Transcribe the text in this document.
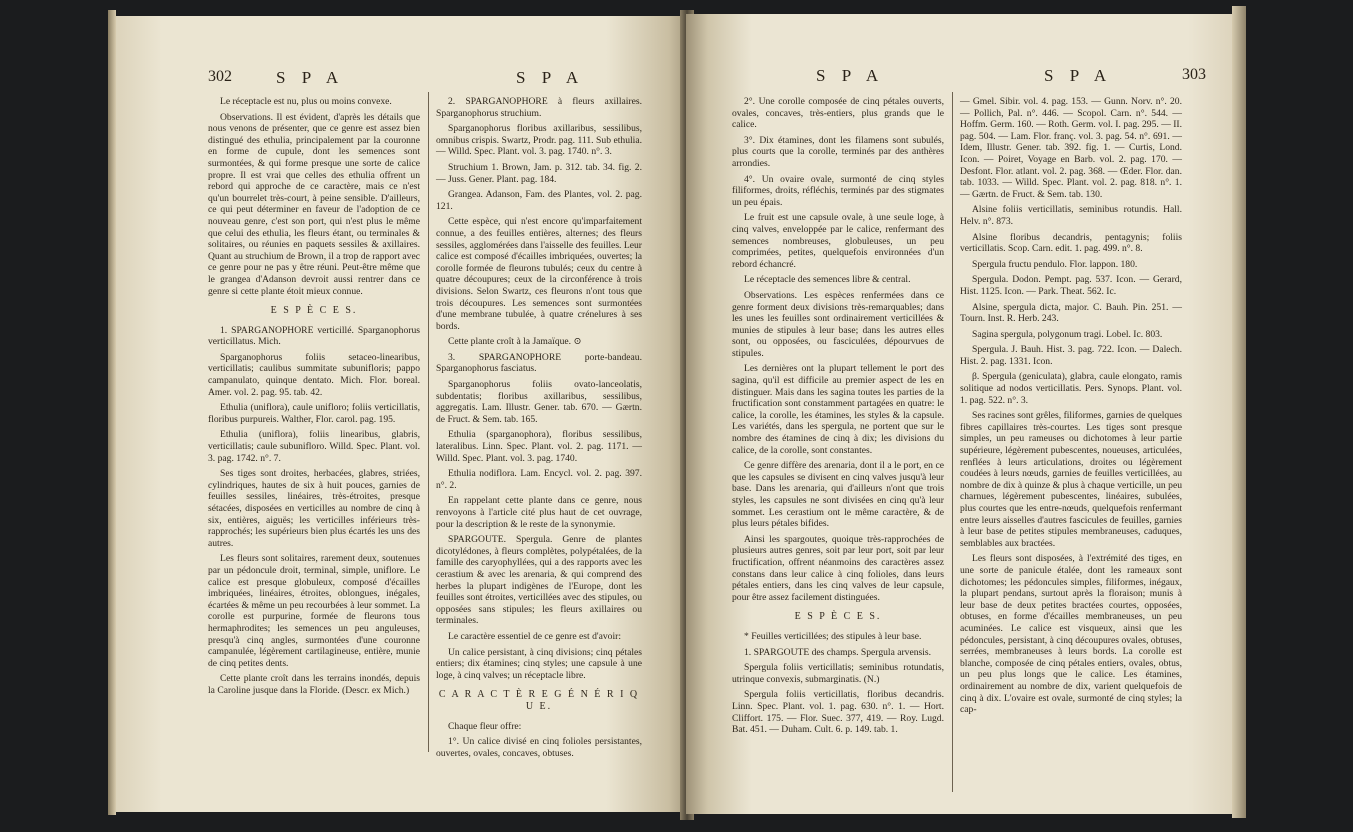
302	S P A	S P A

Le réceptacle est nu, plus ou moins convexe.

Observations. Il est évident, d'après les détails que nous venons de présenter, que ce genre est assez bien distingué des ethulia, principalement par la couronne en forme de cupule, dont les semences sont surmontées, & qui forme presque une sorte de calice propre. Il est vrai que celles des ethulia offrent un rebord qui approche de ce caractère, mais ce n'est qu'un bourrelet très-court, à peine sensible. D'ailleurs, ce qui peut déterminer en faveur de l'adoption de ce nouveau genre, c'est son port, qui n'est plus le même que celui des ethulia, les fleurs étant, ou terminales & solitaires, ou réunies en paquets sessiles & axillaires. Quant au struchium de Brown, il a trop de rapport avec ce genre pour ne pas y être réuni. Peut-être même que le grangea d'Adanson devroit aussi rentrer dans ce genre si cette plante étoit mieux connue.

E S P È C E S.

1. SPARGANOPHORE verticillé. Sparganophorus verticillatus. Mich.

Sparganophorus foliis setaceo-linearibus, verticillatis; caulibus summitate subunifloris; pappo campanulato, quinque dentato. Mich. Flor. boreal. Amer. vol. 2. pag. 95. tab. 42.

Ethulia (uniflora), caule unifloro; foliis verticillatis, floribus purpureis. Walther, Flor. carol. pag. 195.

Ethulia (uniflora), foliis linearibus, glabris, verticillatis; caule subunifloro. Willd. Spec. Plant. vol. 3. pag. 1742. n°. 7.

Ses tiges sont droites, herbacées, glabres, striées, cylindriques, hautes de six à huit pouces, garnies de feuilles sessiles, linéaires, très-étroites, presque sétacées, disposées en verticilles au nombre de cinq à six, entières, aiguës; les verticilles inférieurs très-rapprochés; les supérieurs bien plus écartés les uns des autres.

Les fleurs sont solitaires, rarement deux, soutenues par un pédoncule droit, terminal, simple, uniflore. Le calice est presque globuleux, composé d'écailles imbriquées, linéaires, étroites, oblongues, inégales, écartées & même un peu recourbées à leur sommet. La corolle est purpurine, formée de fleurons tous hermaphrodites; les semences un peu anguleuses, presqu'à cinq angles, surmontées d'une couronne campanulée, légèrement cartilagineuse, entière, munie de cinq petites dents.

Cette plante croît dans les terrains inondés, depuis la Caroline jusque dans la Floride. (Descr. ex Mich.)

2. SPARGANOPHORE à fleurs axillaires. Sparganophorus struchium.

Sparganophorus floribus axillaribus, sessilibus, omnibus crispis. Swartz, Prodr. pag. 111. Sub ethulia. — Willd. Spec. Plant. vol. 3. pag. 1740. n°. 3.

Struchium 1. Brown, Jam. p. 312. tab. 34. fig. 2. — Juss. Gener. Plant. pag. 184.

Grangea. Adanson, Fam. des Plantes, vol. 2. pag. 121.

Cette espèce, qui n'est encore qu'imparfaitement connue, a des feuilles entières, alternes; des fleurs sessiles, agglomérées dans l'aisselle des feuilles. Leur calice est composé d'écailles imbriquées, ouvertes; la corolle formée de fleurons tubulés; ceux du centre à quatre découpures; ceux de la circonférence à trois divisions. Selon Swartz, ces fleurons n'ont tous que trois découpures. Les semences sont surmontées d'une membrane tubulée, à quatre crénelures à ses bords.

Cette plante croît à la Jamaïque. ⊙

3. SPARGANOPHORE porte-bandeau. Sparganophorus fasciatus.

Sparganophorus foliis ovato-lanceolatis, subdentatis; floribus axillaribus, sessilibus, aggregatis. Lam. Illustr. Gener. tab. 670. — Gærtn. de Fruct. & Sem. tab. 165.

Ethulia (sparganophora), floribus sessilibus, lateralibus. Linn. Spec. Plant. vol. 2. pag. 1171. — Willd. Spec. Plant. vol. 3. pag. 1740.

Ethulia nodiflora. Lam. Encycl. vol. 2. pag. 397. n°. 2.

En rappelant cette plante dans ce genre, nous renvoyons à l'article cité plus haut de cet ouvrage, pour la description & le reste de la synonymie.

SPARGOUTE. Spergula. Genre de plantes dicotylédones, à fleurs complètes, polypétalées, de la famille des caryophyllées, qui a des rapports avec les cerastium & avec les arenaria, & qui comprend des herbes la plupart indigènes de l'Europe, dont les feuilles sont étroites, verticillées avec des stipules, ou opposées sans stipules; les fleurs axillaires ou terminales.

Le caractère essentiel de ce genre est d'avoir:

Un calice persistant, à cinq divisions; cinq pétales entiers; dix étamines; cinq styles; une capsule à une loge, à cinq valves; un réceptacle libre.

C A R A C T È R E G É N É R I Q U E.

Chaque fleur offre:

1°. Un calice divisé en cinq folioles persistantes, ouvertes, ovales, concaves, obtuses.

S P A	S P A	303

2°. Une corolle composée de cinq pétales ouverts, ovales, concaves, très-entiers, plus grands que le calice.

3°. Dix étamines, dont les filamens sont subulés, plus courts que la corolle, terminés par des anthères arrondies.

4°. Un ovaire ovale, surmonté de cinq styles filiformes, droits, réfléchis, terminés par des stigmates un peu épais.

Le fruit est une capsule ovale, à une seule loge, à cinq valves, enveloppée par le calice, renfermant des semences nombreuses, globuleuses, un peu comprimées, petites, quelquefois environnées d'un rebord échancré.

Le réceptacle des semences libre & central.

Observations. Les espèces renfermées dans ce genre forment deux divisions très-remarquables; dans les unes les feuilles sont ordinairement verticillées & munies de stipules à leur base; dans les autres elles sont, ou opposées, ou fasciculées, dépourvues de stipules.

Les dernières ont la plupart tellement le port des sagina, qu'il est difficile au premier aspect de les en distinguer. Mais dans les sagina toutes les parties de la fructification sont constamment partagées en quatre: le calice, la corolle, les étamines, les styles & la capsule. Les variétés, dans les spergula, ne portent que sur le nombre des étamines de cinq à dix; les divisions du calice, de la corolle, sont constantes.

Ce genre diffère des arenaria, dont il a le port, en ce que les capsules se divisent en cinq valves jusqu'à leur base. Dans les arenaria, qui d'ailleurs n'ont que trois styles, les capsules ne sont divisées en cinq qu'à leur sommet. Les cerastium ont le même caractère, & de plus leurs pétales bifides.

Ainsi les spargoutes, quoique très-rapprochées de plusieurs autres genres, soit par leur port, soit par leur fructification, offrent néanmoins des caractères assez constans dans leur calice à cinq folioles, dans leurs pétales entiers, dans les cinq valves de leur capsule, pour être assez facilement distinguées.

E S P È C E S.

* Feuilles verticillées; des stipules à leur base.

1. SPARGOUTE des champs. Spergula arvensis.

Spergula foliis verticillatis; seminibus rotundatis, utrinque convexis, submarginatis. (N.)

Spergula foliis verticillatis, floribus decandris. Linn. Spec. Plant. vol. 1. pag. 630. n°. 1. — Hort. Cliffort. 175. — Flor. Suec. 377, 419. — Roy. Lugd. Bat. 451. — Duham. Cult. 6. p. 149. tab. 1.

— Gmel. Sibir. vol. 4. pag. 153. — Gunn. Norv. n°. 20. — Pollich, Pal. n°. 446. — Scopol. Carn. n°. 544. — Hoffm. Germ. 160. — Roth. Germ. vol. I. pag. 295. — II. pag. 504. — Lam. Flor. franç. vol. 3. pag. 54. n°. 691. — Idem, Illustr. Gener. tab. 392. fig. 1. — Curtis, Lond. Icon. — Poiret, Voyage en Barb. vol. 2. pag. 170. — Desfont. Flor. atlant. vol. 2. pag. 368. — Œder. Flor. dan. tab. 1033. — Willd. Spec. Plant. vol. 2. pag. 818. n°. 1. — Gærtn. de Fruct. & Sem. tab. 130.

Alsine foliis verticillatis, seminibus rotundis. Hall. Helv. n°. 873.

Alsine floribus decandris, pentagynis; foliis verticillatis. Scop. Carn. edit. 1. pag. 499. n°. 8.

Spergula fructu pendulo. Flor. lappon. 180.

Spergula. Dodon. Pempt. pag. 537. Icon. — Gerard, Hist. 1125. Icon. — Park. Theat. 562. Ic.

Alsine, spergula dicta, major. C. Bauh. Pin. 251. — Tourn. Inst. R. Herb. 243.

Sagina spergula, polygonum tragi. Lobel. Ic. 803.

Spergula. J. Bauh. Hist. 3. pag. 722. Icon. — Dalech. Hist. 2. pag. 1331. Icon.

β. Spergula (geniculata), glabra, caule elongato, ramis solitique ad nodos verticillatis. Pers. Synops. Plant. vol. 1. pag. 522. n°. 3.

Ses racines sont grêles, filiformes, garnies de quelques fibres capillaires très-courtes. Les tiges sont presque simples, un peu rameuses ou dichotomes à leur partie supérieure, légèrement pubescentes, noueuses, articulées, renflées à leurs articulations, droites ou légèrement coudées à leurs nœuds, garnies de feuilles verticillées, au nombre de dix à quinze & plus à chaque verticille, un peu charnues, légèrement pubescentes, linéaires, subulées, plus courtes que les entre-nœuds, quelquefois renfermant entre leurs aisselles d'autres fascicules de feuilles, garnies à leur base de petites stipules membraneuses, caduques, semblables aux bractées.

Les fleurs sont disposées, à l'extrémité des tiges, en une sorte de panicule étalée, dont les rameaux sont dichotomes; les pédoncules simples, filiformes, inégaux, la plupart pendans, surtout après la floraison; munis à leur base de deux petites bractées courtes, opposées, obtuses, en forme d'écailles membraneuses, un peu acuminées. Le calice est visqueux, ainsi que les pédoncules, persistant, à cinq découpures ovales, obtuses, serrées, membraneuses à leurs bords. La corolle est blanche, composée de cinq pétales entiers, ovales, obtus, un peu plus longs que le calice. Les étamines, ordinairement au nombre de dix, varient quelquefois de cinq à dix. L'ovaire est ovale, surmonté de cinq styles; la cap-
